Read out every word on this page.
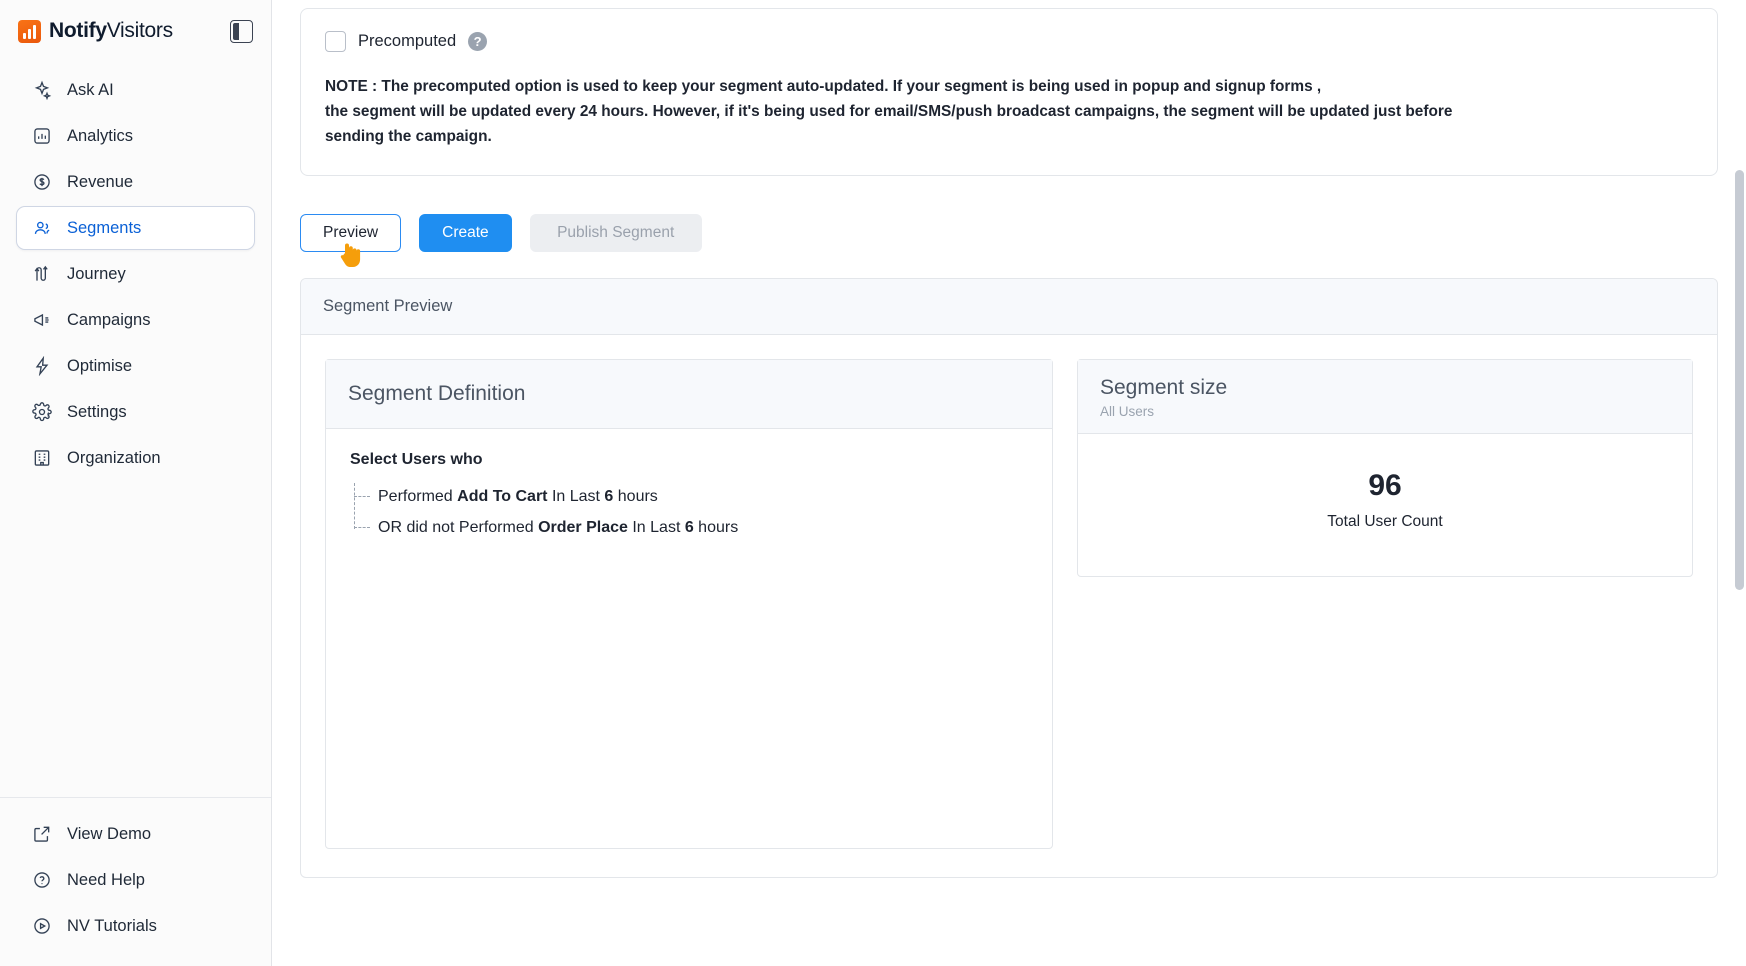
NotifyVisitors
Ask AI
Analytics
Revenue
Segments
Journey
Campaigns
Optimise
Settings
Organization
View Demo
Need Help
NV Tutorials
Precomputed	?
NOTE : The precomputed option is used to keep your segment auto-updated. If your segment is being used in popup and signup forms ,
the segment will be updated every 24 hours. However, if it's being used for email/SMS/push broadcast campaigns, the segment will be updated just before
sending the campaign.
Preview	Create	Publish Segment
Segment Preview
Segment Definition
Select Users who
Performed Add To Cart In Last 6 hours
OR did not Performed Order Place In Last 6 hours
Segment size
All Users
96
Total User Count
